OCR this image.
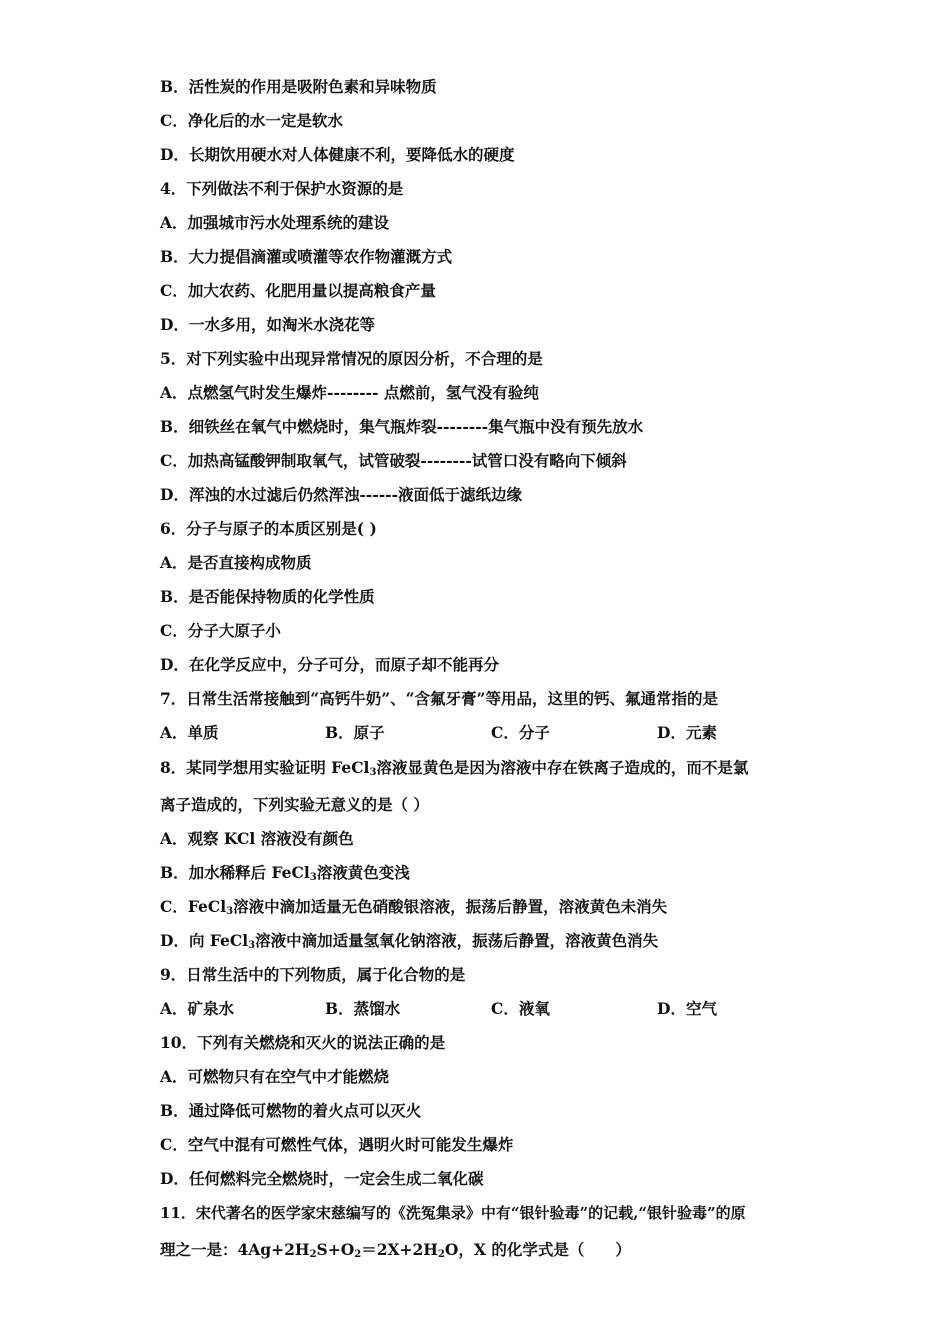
B．活性炭的作用是吸附色素和异味物质
C．净化后的水一定是软水
D．长期饮用硬水对人体健康不利，要降低水的硬度
4．下列做法不利于保护水资源的是
A．加强城市污水处理系统的建设
B．大力提倡滴灌或喷灌等农作物灌溉方式
C．加大农药、化肥用量以提高粮食产量
D．一水多用，如淘米水浇花等
5．对下列实验中出现异常情况的原因分析，不合理的是
A．点燃氢气时发生爆炸-------- 点燃前，氢气没有验纯
B．细铁丝在氧气中燃烧时，集气瓶炸裂--------集气瓶中没有预先放水
C．加热高锰酸钾制取氧气，试管破裂--------试管口没有略向下倾斜
D．浑浊的水过滤后仍然浑浊------液面低于滤纸边缘
6．分子与原子的本质区别是( )
A．是否直接构成物质
B．是否能保持物质的化学性质
C．分子大原子小
D．在化学反应中，分子可分，而原子却不能再分
7．日常生活常接触到“高钙牛奶”、“含氟牙膏”等用品，这里的钙、氟通常指的是
A．单质	B．原子	C．分子	D．元素
8．某同学想用实验证明 FeCl$_3$溶液显黄色是因为溶液中存在铁离子造成的，而不是氯
离子造成的，下列实验无意义的是（ ）
A．观察 KCl 溶液没有颜色
B．加水稀释后 FeCl$_3$溶液黄色变浅
C．FeCl$_3$溶液中滴加适量无色硝酸银溶液，振荡后静置，溶液黄色未消失
D．向 FeCl$_3$溶液中滴加适量氢氧化钠溶液，振荡后静置，溶液黄色消失
9．日常生活中的下列物质，属于化合物的是
A．矿泉水	B．蒸馏水	C．液氧	D．空气
10．下列有关燃烧和灭火的说法正确的是
A．可燃物只有在空气中才能燃烧
B．通过降低可燃物的着火点可以灭火
C．空气中混有可燃性气体，遇明火时可能发生爆炸
D．任何燃料完全燃烧时，一定会生成二氧化碳
11．宋代著名的医学家宋慈编写的《洗冤集录》中有“银针验毒”的记载,“银针验毒”的原
理之一是：$4Ag+2H_2S+O_2=2X+2H_2O$，X 的化学式是（　　）
